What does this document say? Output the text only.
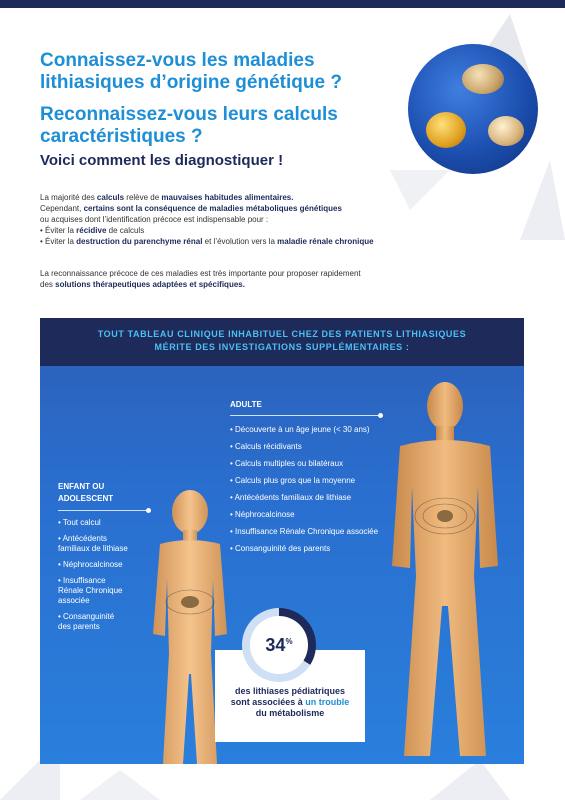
Connaissez-vous les maladies lithiasiques d’origine génétique ?
Reconnaissez-vous leurs calculs caractéristiques ?
Voici comment les diagnostiquer !
La majorité des calculs relève de mauvaises habitudes alimentaires.
Cependant, certains sont la conséquence de maladies métaboliques génétiques
ou acquises dont l’identification précoce est indispensable pour :
• Éviter la récidive de calculs
• Éviter la destruction du parenchyme rénal et l’évolution vers la maladie rénale chronique
La reconnaissance précoce de ces maladies est très importante pour proposer rapidement
des solutions thérapeutiques adaptées et spécifiques.
TOUT TABLEAU CLINIQUE INHABITUEL CHEZ DES PATIENTS LITHIASIQUES
MÉRITE DES INVESTIGATIONS SUPPLÉMENTAIRES :
ADULTE
• Découverte à un âge jeune (< 30 ans)
• Calculs récidivants
• Calculs multiples ou bilatéraux
• Calculs plus gros que la moyenne
• Antécédents familiaux de lithiase
• Néphrocalcinose
• Insuffisance Rénale Chronique associée
• Consanguinité des parents
ENFANT OU
ADOLESCENT
• Tout calcul
• Antécédents familiaux de lithiase
• Néphrocalcinose
• Insuffisance Rénale Chronique associée
• Consanguinité des parents
34%
des lithiases pédiatriques
sont associées à un trouble
du métabolisme
